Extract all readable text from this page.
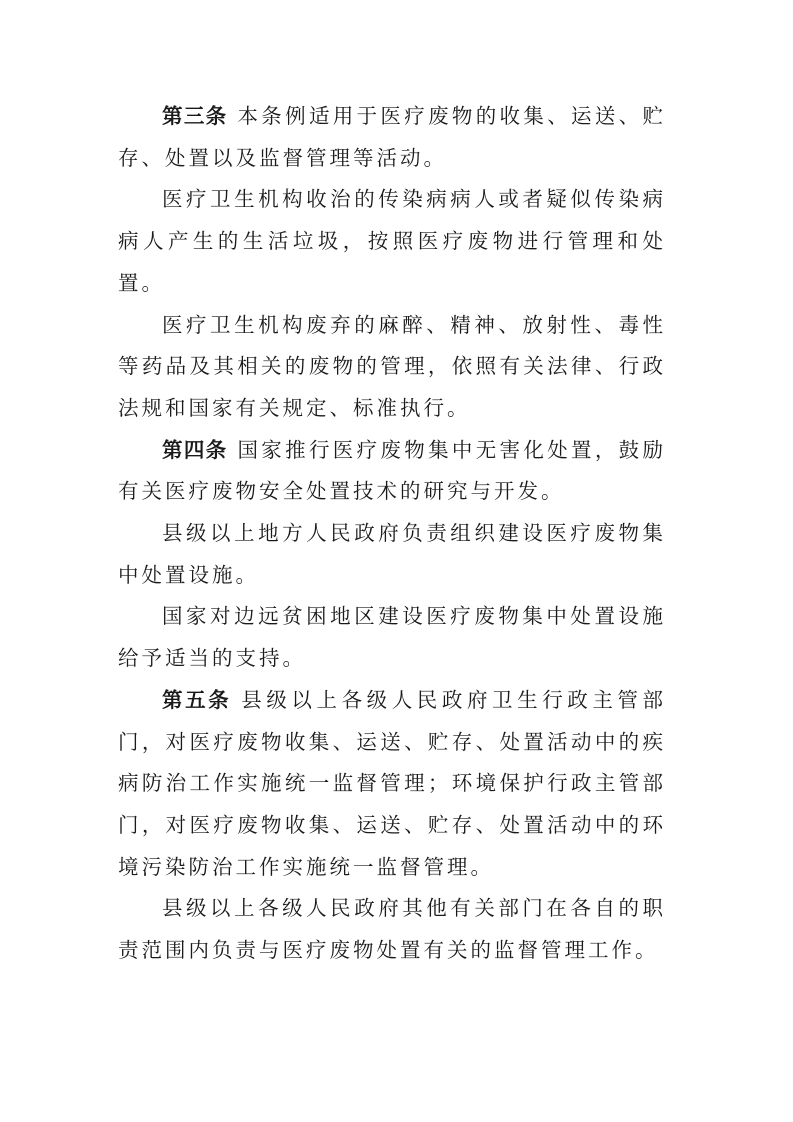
第三条 本条例适用于医疗废物的收集、运送、贮存、处置以及监督管理等活动。

医疗卫生机构收治的传染病病人或者疑似传染病病人产生的生活垃圾，按照医疗废物进行管理和处置。

医疗卫生机构废弃的麻醉、精神、放射性、毒性等药品及其相关的废物的管理，依照有关法律、行政法规和国家有关规定、标准执行。

第四条 国家推行医疗废物集中无害化处置，鼓励有关医疗废物安全处置技术的研究与开发。

县级以上地方人民政府负责组织建设医疗废物集中处置设施。

国家对边远贫困地区建设医疗废物集中处置设施给予适当的支持。

第五条 县级以上各级人民政府卫生行政主管部门，对医疗废物收集、运送、贮存、处置活动中的疾病防治工作实施统一监督管理；环境保护行政主管部门，对医疗废物收集、运送、贮存、处置活动中的环境污染防治工作实施统一监督管理。

县级以上各级人民政府其他有关部门在各自的职责范围内负责与医疗废物处置有关的监督管理工作。
